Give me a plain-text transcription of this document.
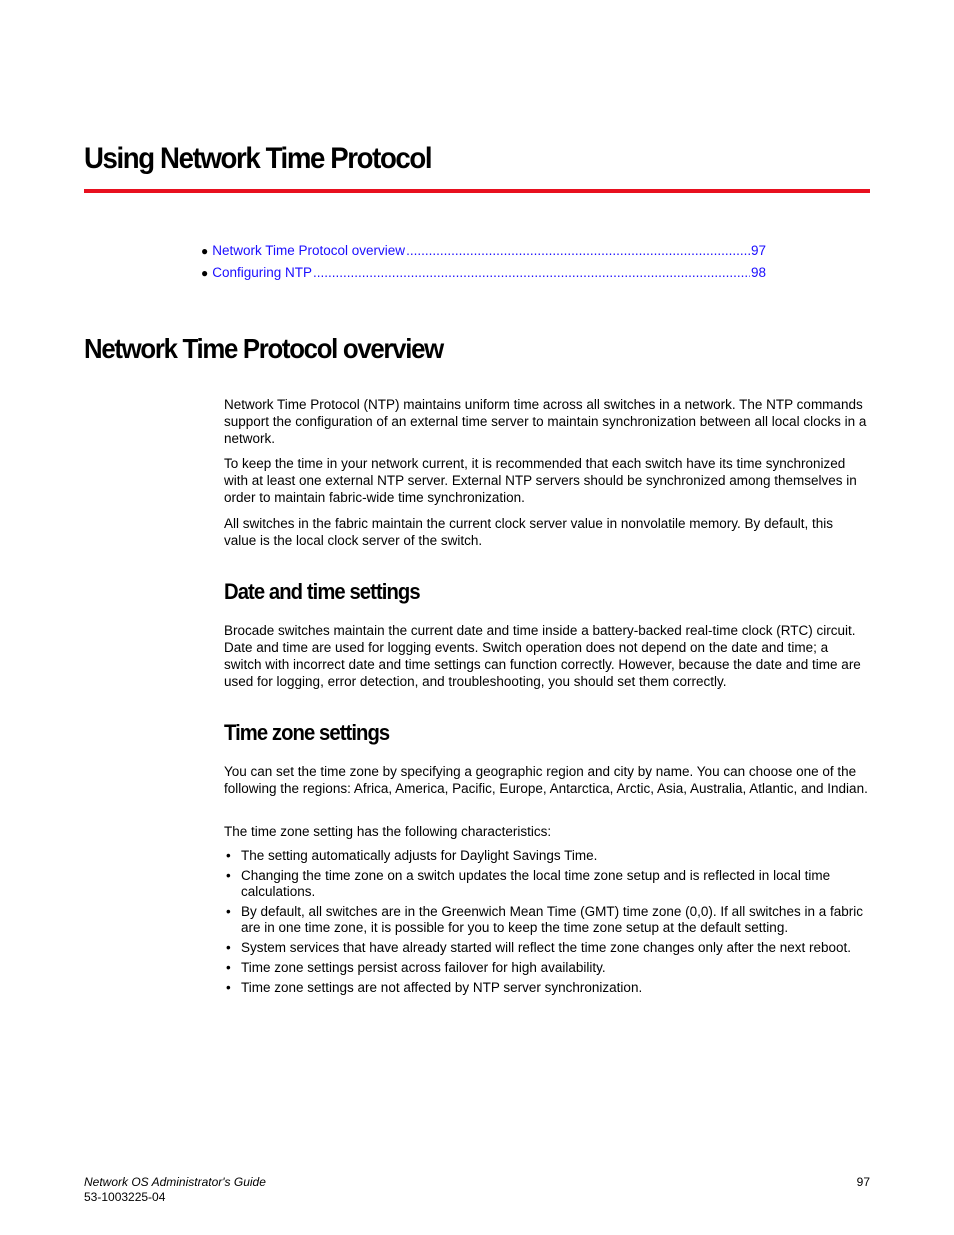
Using Network Time Protocol
● Network Time Protocol overview .....	97
● Configuring NTP .....	98
Network Time Protocol overview

Network Time Protocol (NTP) maintains uniform time across all switches in a network. The NTP commands support the configuration of an external time server to maintain synchronization between all local clocks in a network.

To keep the time in your network current, it is recommended that each switch have its time synchronized with at least one external NTP server. External NTP servers should be synchronized among themselves in order to maintain fabric-wide time synchronization.

All switches in the fabric maintain the current clock server value in nonvolatile memory. By default, this value is the local clock server of the switch.

Date and time settings

Brocade switches maintain the current date and time inside a battery-backed real-time clock (RTC) circuit. Date and time are used for logging events. Switch operation does not depend on the date and time; a switch with incorrect date and time settings can function correctly. However, because the date and time are used for logging, error detection, and troubleshooting, you should set them correctly.

Time zone settings

You can set the time zone by specifying a geographic region and city by name. You can choose one of the following the regions: Africa, America, Pacific, Europe, Antarctica, Arctic, Asia, Australia, Atlantic, and Indian.

The time zone setting has the following characteristics:

• The setting automatically adjusts for Daylight Savings Time.
• Changing the time zone on a switch updates the local time zone setup and is reflected in local time calculations.
• By default, all switches are in the Greenwich Mean Time (GMT) time zone (0,0). If all switches in a fabric are in one time zone, it is possible for you to keep the time zone setup at the default setting.
• System services that have already started will reflect the time zone changes only after the next reboot.
• Time zone settings persist across failover for high availability.
• Time zone settings are not affected by NTP server synchronization.
Network OS Administrator's Guide
53-1003225-04
97
